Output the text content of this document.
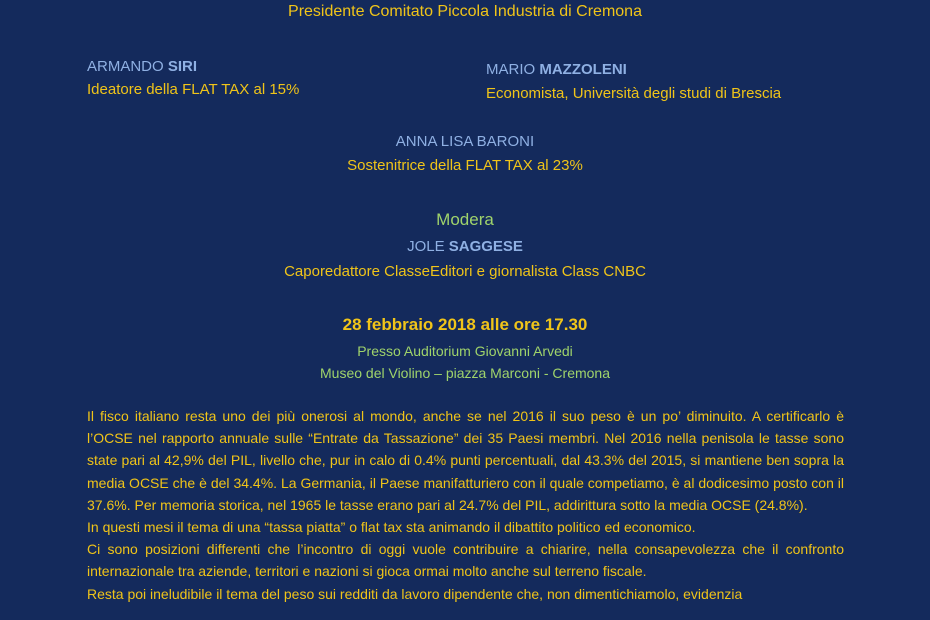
Presidente Comitato Piccola Industria di Cremona
ARMANDO SIRI
Ideatore della FLAT TAX al 15%
MARIO MAZZOLENI
Economista, Università degli studi di Brescia
ANNA LISA BARONI
Sostenitrice della FLAT TAX al 23%
Modera
JOLE SAGGESE
Caporedattore ClasseEditori e giornalista Class CNBC
28 febbraio 2018 alle ore 17.30
Presso Auditorium Giovanni Arvedi
Museo del Violino – piazza Marconi - Cremona

Il fisco italiano resta uno dei più onerosi al mondo, anche se nel 2016 il suo peso è un po’ diminuito. A certificarlo è l’OCSE nel rapporto annuale sulle “Entrate da Tassazione” dei 35 Paesi membri. Nel 2016 nella penisola le tasse sono state pari al 42,9% del PIL, livello che, pur in calo di 0.4% punti percentuali, dal 43.3% del 2015, si mantiene ben sopra la media OCSE che è del 34.4%. La Germania, il Paese manifatturiero con il quale competiamo, è al dodicesimo posto con il 37.6%. Per memoria storica, nel 1965 le tasse erano pari al 24.7% del PIL, addirittura sotto la media OCSE (24.8%).

In questi mesi il tema di una “tassa piatta” o flat tax sta animando il dibattito politico ed economico.

Ci sono posizioni differenti che l’incontro di oggi vuole contribuire a chiarire, nella consapevolezza che il confronto internazionale tra aziende, territori e nazioni si gioca ormai molto anche sul terreno fiscale.

Resta poi ineludibile il tema del peso sui redditi da lavoro dipendente che, non dimentichiamolo, evidenzia
